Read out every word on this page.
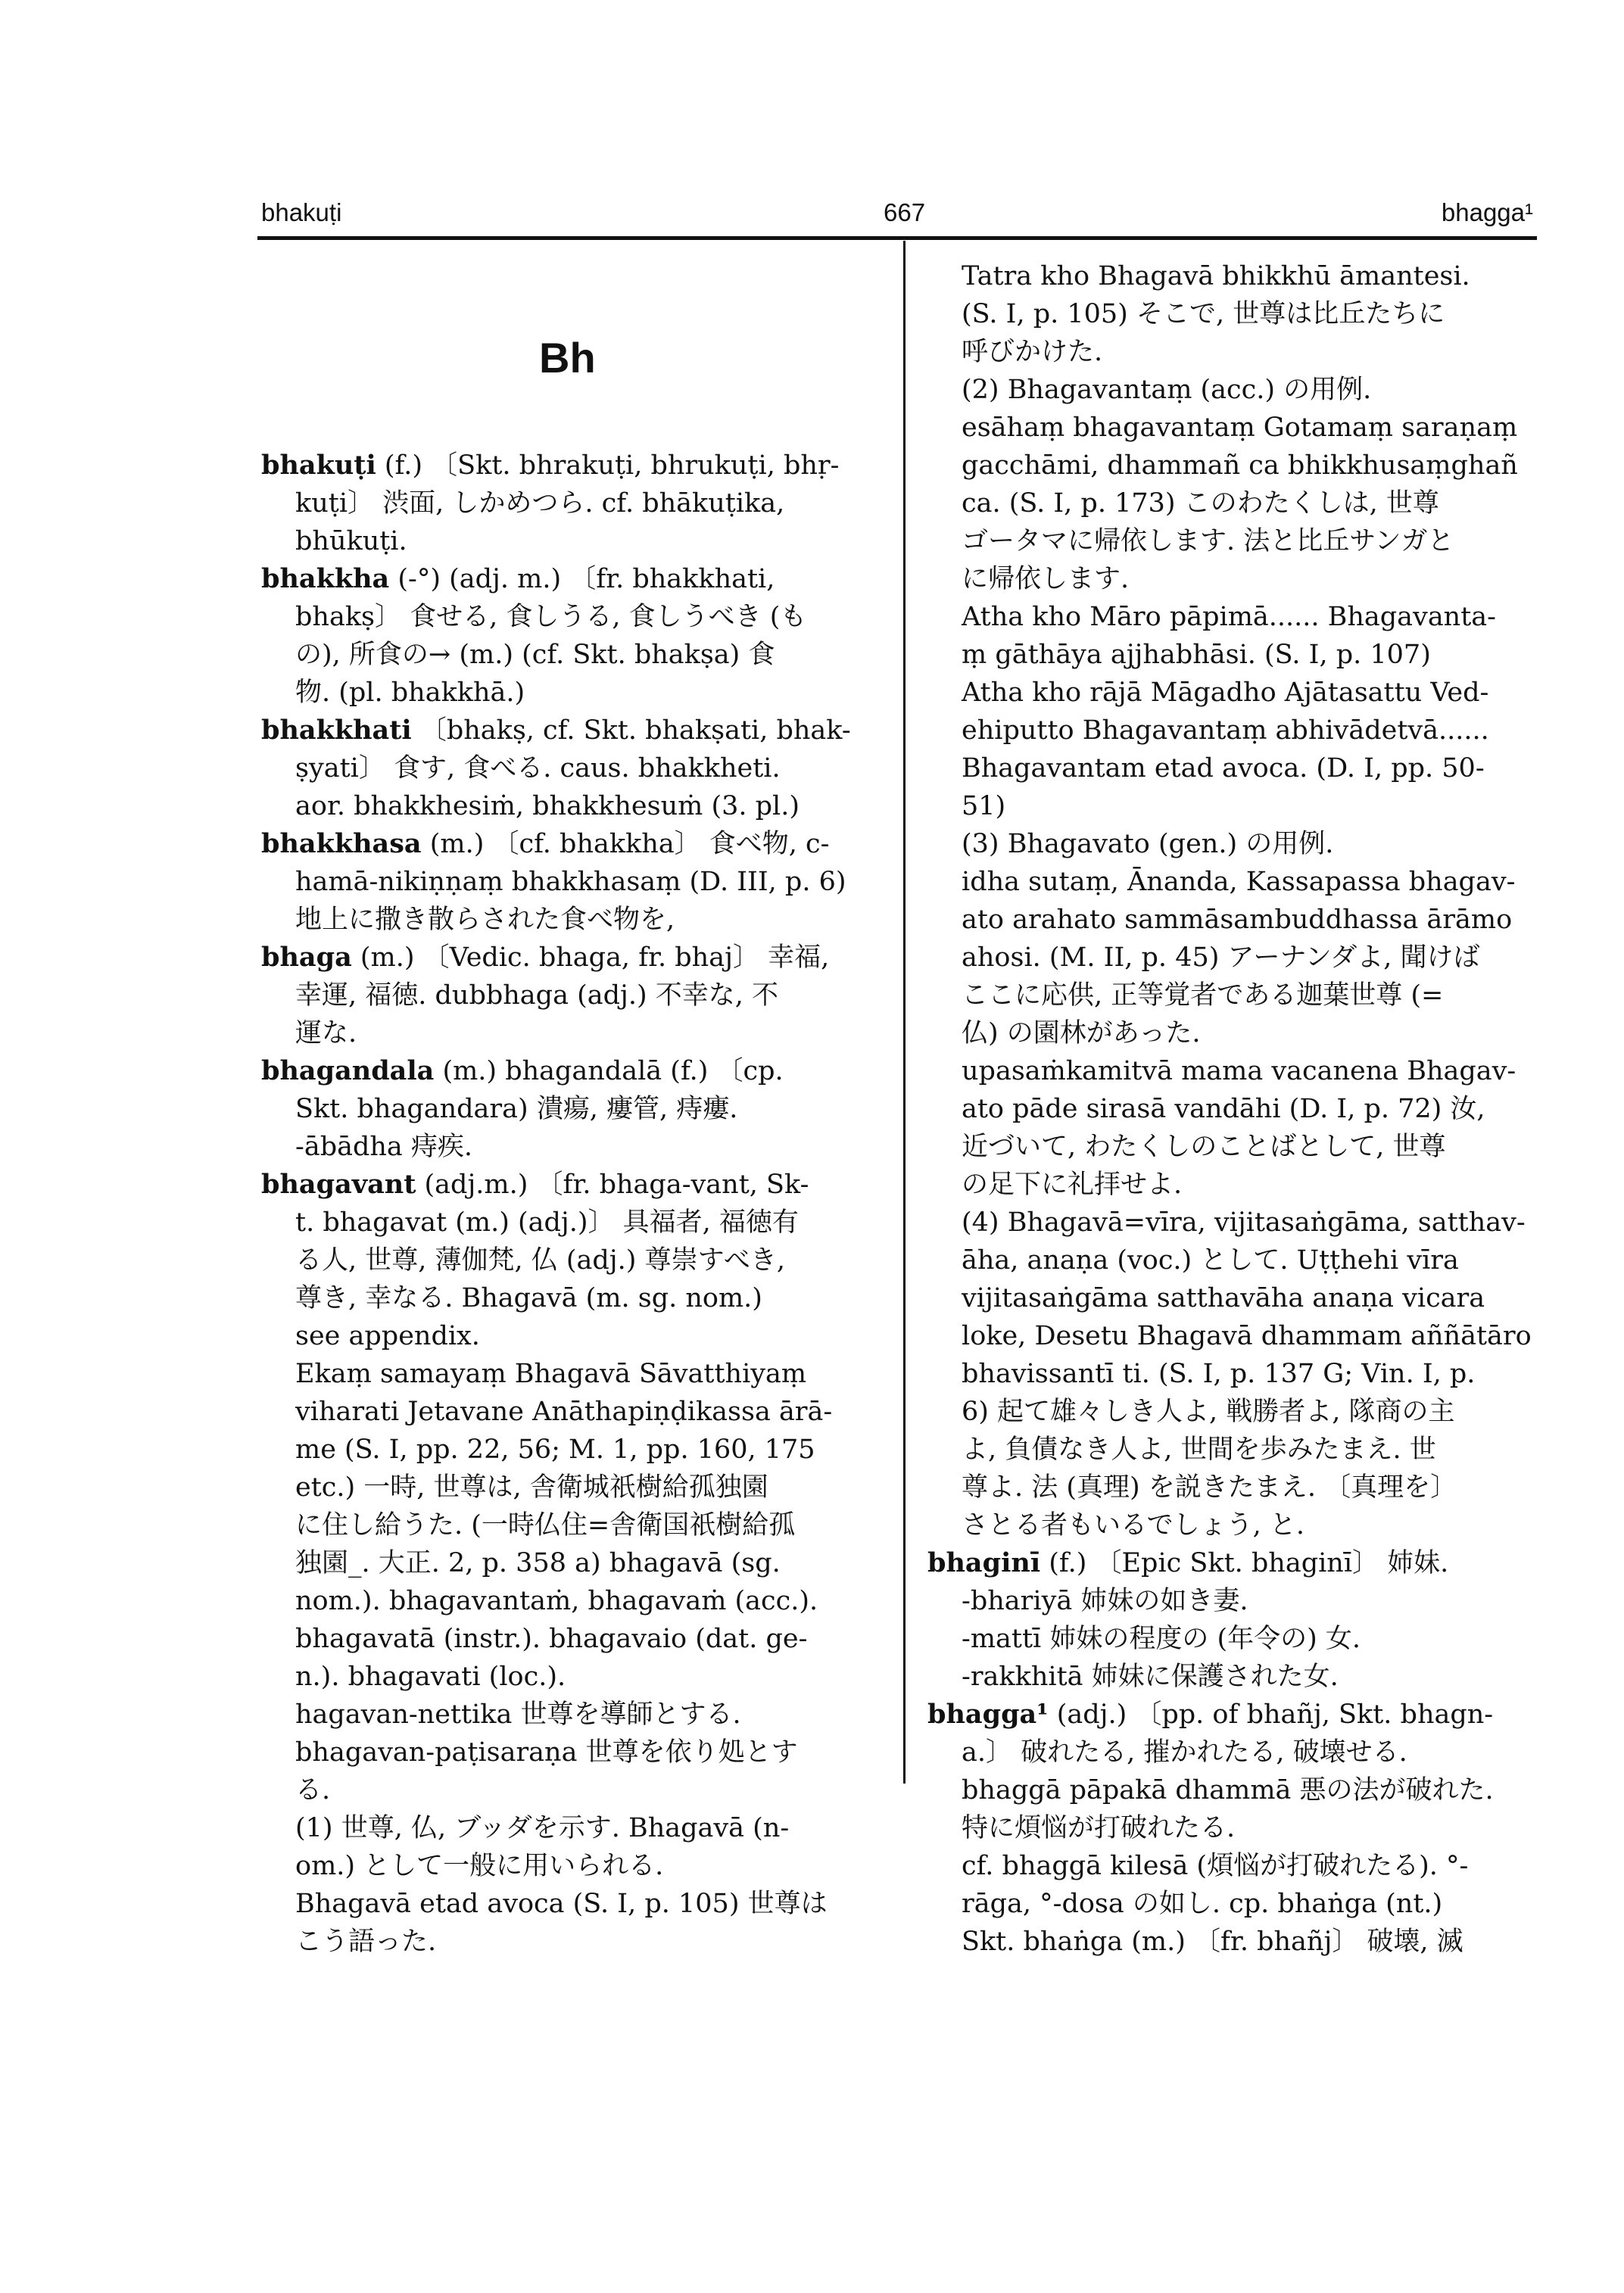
bhakuṭi	667	bhagga¹
Bh
bhakuṭi (f.) 〔Skt. bhrakuṭi, bhrukuṭi, bhṛ-
kuṭi〕 渋面, しかめつら. cf. bhākuṭika,
bhūkuṭi.
bhakkha (-°) (adj. m.) 〔fr. bhakkhati,
bhakṣ〕 食せる, 食しうる, 食しうべき (も
の), 所食の→ (m.) (cf. Skt. bhakṣa) 食
物. (pl. bhakkhā.)
bhakkhati 〔bhakṣ, cf. Skt. bhakṣati, bhak-
ṣyati〕 食す, 食べる. caus. bhakkheti.
aor. bhakkhesiṁ, bhakkhesuṁ (3. pl.)
bhakkhasa (m.) 〔cf. bhakkha〕 食べ物, c-
hamā-nikiṇṇaṃ bhakkhasaṃ (D. III, p. 6)
地上に撒き散らされた食べ物を,
bhaga (m.) 〔Vedic. bhaga, fr. bhaj〕 幸福,
幸運, 福徳. dubbhaga (adj.) 不幸な, 不
運な.
bhagandala (m.) bhagandalā (f.) 〔cp.
Skt. bhagandara) 潰瘍, 瘻管, 痔瘻.
-ābādha 痔疾.
bhagavant (adj.m.) 〔fr. bhaga-vant, Sk-
t. bhagavat (m.) (adj.)〕 具福者, 福徳有
る人, 世尊, 薄伽梵, 仏 (adj.) 尊崇すべき,
尊き, 幸なる. Bhagavā (m. sg. nom.)
see appendix.
Ekaṃ samayaṃ Bhagavā Sāvatthiyaṃ
viharati Jetavane Anāthapiṇḍikassa ārā-
me (S. I, pp. 22, 56; M. 1, pp. 160, 175
etc.) 一時, 世尊は, 舎衛城祇樹給孤独園
に住し給うた. (一時仏住=舎衛国祇樹給孤
独園_. 大正. 2, p. 358 a) bhagavā (sg.
nom.). bhagavantaṁ, bhagavaṁ (acc.).
bhagavatā (instr.). bhagavaio (dat. ge-
n.). bhagavati (loc.).
hagavan-nettika 世尊を導師とする.
bhagavan-paṭisaraṇa 世尊を依り処とす
る.
(1) 世尊, 仏, ブッダを示す. Bhagavā (n-
om.) として一般に用いられる.
Bhagavā etad avoca (S. I, p. 105) 世尊は
こう語った.
Tatra kho Bhagavā bhikkhū āmantesi.
(S. I, p. 105) そこで, 世尊は比丘たちに
呼びかけた.
(2) Bhagavantaṃ (acc.) の用例.
esāhaṃ bhagavantaṃ Gotamaṃ saraṇaṃ
gacchāmi, dhammañ ca bhikkhusaṃghañ
ca. (S. I, p. 173) このわたくしは, 世尊
ゴータマに帰依します. 法と比丘サンガと
に帰依します.
Atha kho Māro pāpimā...... Bhagavanta-
ṃ gāthāya ajjhabhāsi. (S. I, p. 107)
Atha kho rājā Māgadho Ajātasattu Ved-
ehiputto Bhagavantaṃ abhivādetvā......
Bhagavantam etad avoca. (D. I, pp. 50-
51)
(3) Bhagavato (gen.) の用例.
idha sutaṃ, Ānanda, Kassapassa bhagav-
ato arahato sammāsambuddhassa ārāmo
ahosi. (M. II, p. 45) アーナンダよ, 聞けば
ここに応供, 正等覚者である迦葉世尊 (=
仏) の園林があった.
upasaṁkamitvā mama vacanena Bhagav-
ato pāde sirasā vandāhi (D. I, p. 72) 汝,
近づいて, わたくしのことばとして, 世尊
の足下に礼拝せよ.
(4) Bhagavā=vīra, vijitasaṅgāma, satthav-
āha, anaṇa (voc.) として. Uṭṭhehi vīra
vijitasaṅgāma satthavāha anaṇa vicara
loke, Desetu Bhagavā dhammam aññātāro
bhavissantī ti. (S. I, p. 137 G; Vin. I, p.
6) 起て雄々しき人よ, 戦勝者よ, 隊商の主
よ, 負債なき人よ, 世間を歩みたまえ. 世
尊よ. 法 (真理) を説きたまえ. 〔真理を〕
さとる者もいるでしょう, と.
bhaginī (f.) 〔Epic Skt. bhaginī〕 姉妹.
-bhariyā 姉妹の如き妻.
-mattī 姉妹の程度の (年令の) 女.
-rakkhitā 姉妹に保護された女.
bhagga¹ (adj.) 〔pp. of bhañj, Skt. bhagn-
a.〕 破れたる, 摧かれたる, 破壊せる.
bhaggā pāpakā dhammā 悪の法が破れた.
特に煩悩が打破れたる.
cf. bhaggā kilesā (煩悩が打破れたる). °-
rāga, °-dosa の如し. cp. bhaṅga (nt.)
Skt. bhaṅga (m.) 〔fr. bhañj〕 破壊, 滅
